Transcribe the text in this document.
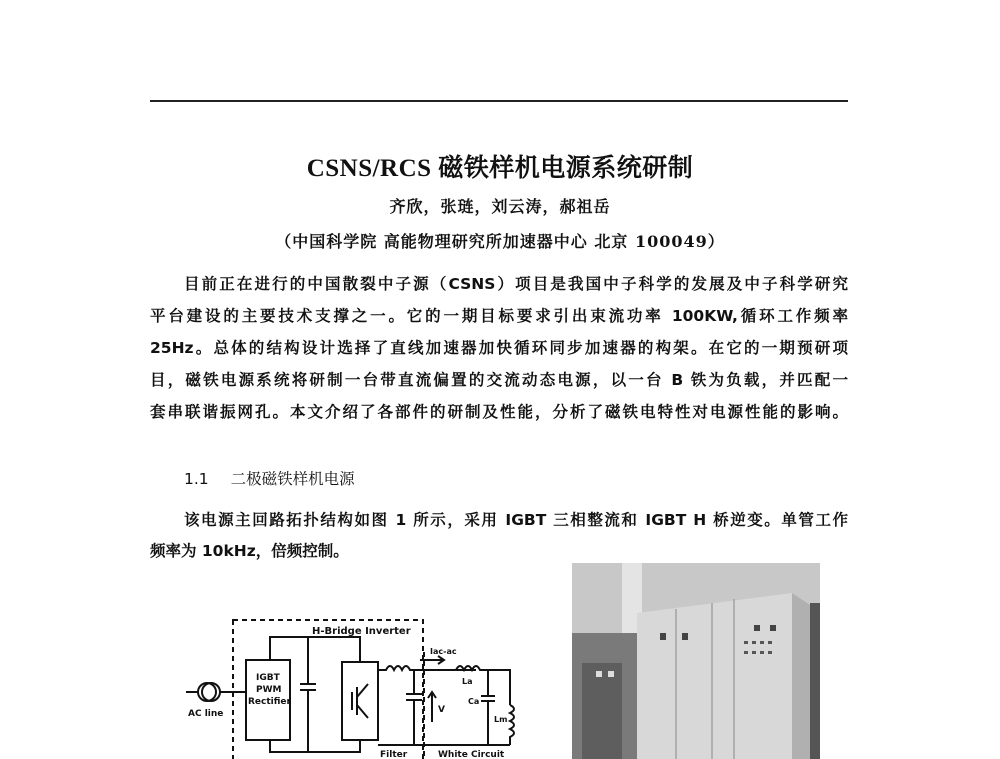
CSNS/RCS 磁铁样机电源系统研制
齐欣，张琏，刘云涛，郝祖岳
（中国科学院 高能物理研究所加速器中心 北京 100049）
目前正在进行的中国散裂中子源（CSNS）项目是我国中子科学的发展及中子科学研究
平台建设的主要技术支撑之一。它的一期目标要求引出束流功率 100KW,循环工作频率
25Hz。总体的结构设计选择了直线加速器加快循环同步加速器的构架。在它的一期预研项
目，磁铁电源系统将研制一台带直流偏置的交流动态电源，以一台 B 铁为负载，并匹配一
套串联谐振网孔。本文介绍了各部件的研制及性能，分析了磁铁电特性对电源性能的影响。
1.1 二极磁铁样机电源
该电源主回路拓扑结构如图 1 所示，采用 IGBT 三相整流和 IGBT H 桥逆变。单管工作
频率为 10kHz，倍频控制。
H-Bridge Inverter
AC line
IGBT
PWM
Rectifier
Iac-ac
V
La
Ca
Lm
Filter	White Circuit
